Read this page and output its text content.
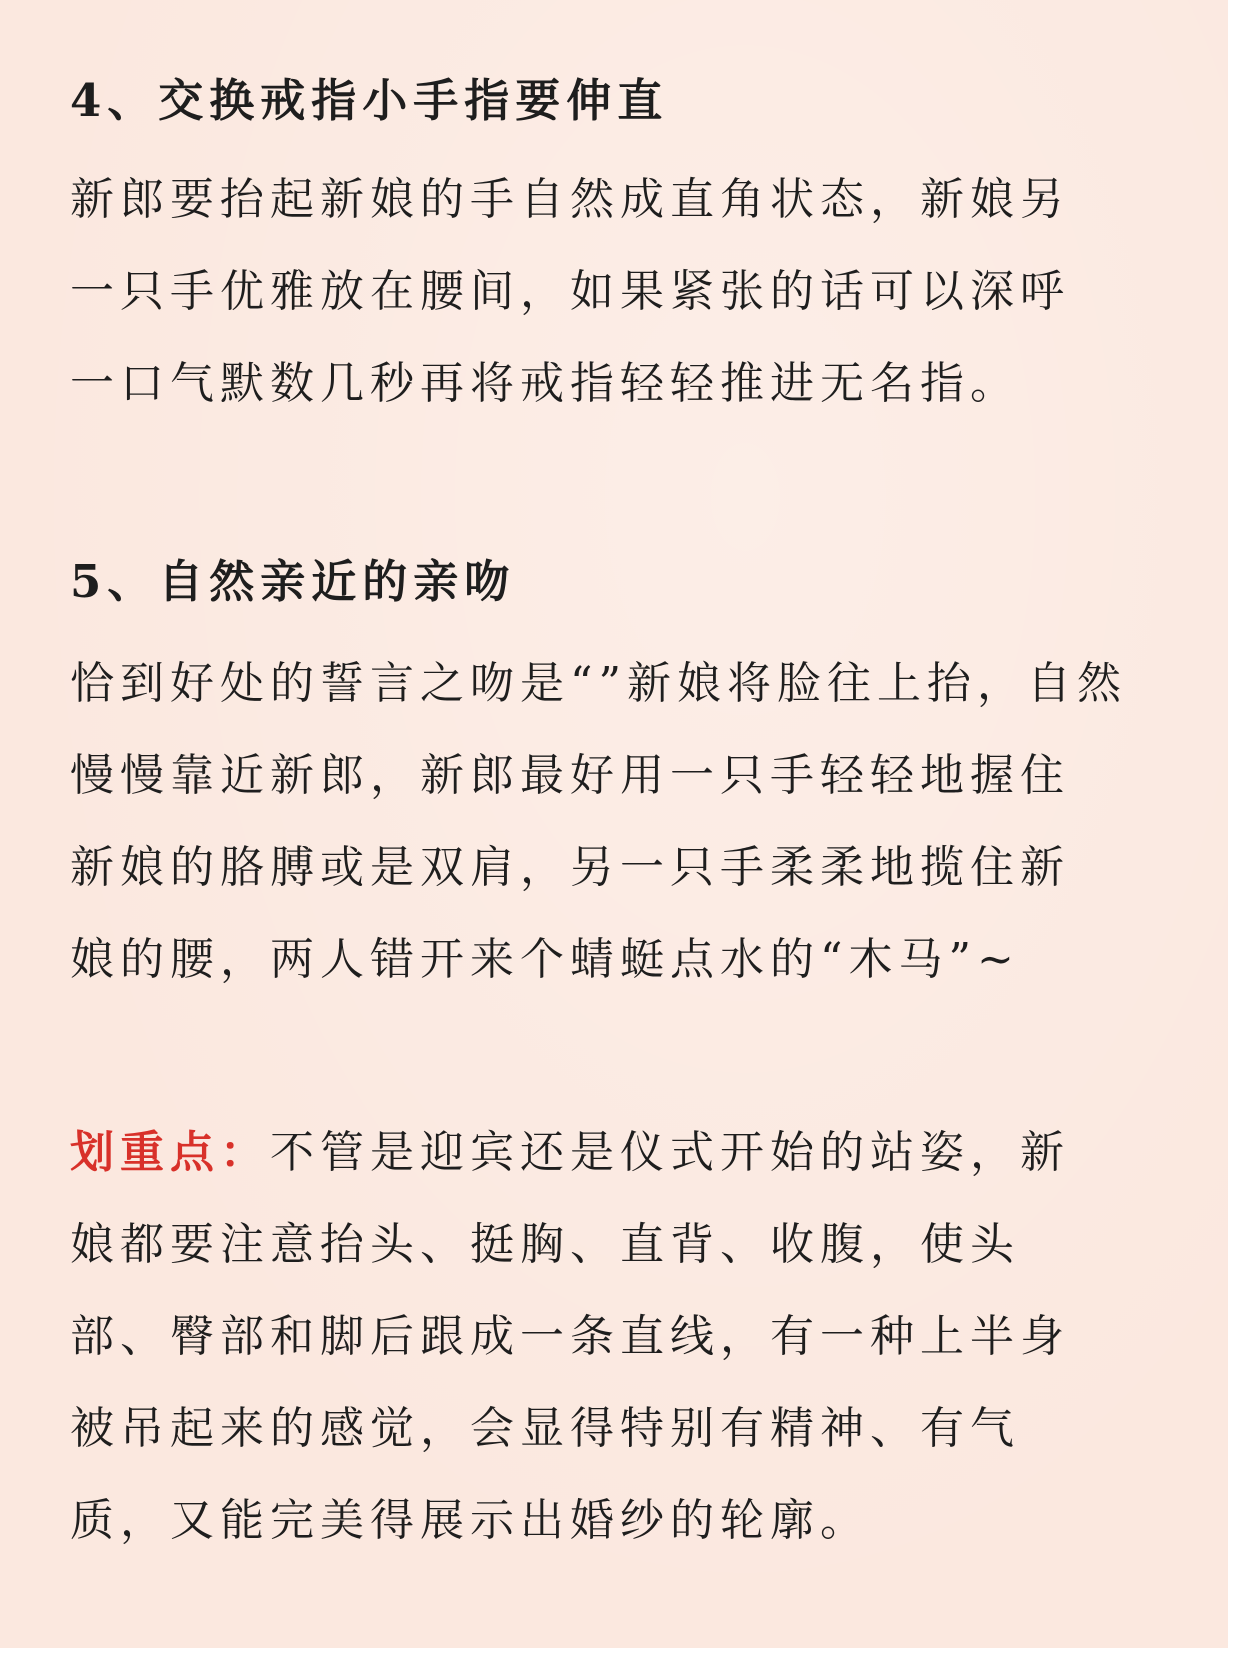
4、交换戒指小手指要伸直
新郎要抬起新娘的手自然成直角状态，新娘另
一只手优雅放在腰间，如果紧张的话可以深呼
一口气默数几秒再将戒指轻轻推进无名指。
5、自然亲近的亲吻
恰到好处的誓言之吻是“”新娘将脸往上抬，自然
慢慢靠近新郎，新郎最好用一只手轻轻地握住
新娘的胳膊或是双肩，另一只手柔柔地揽住新
娘的腰，两人错开来个蜻蜓点水的“木马”~
划重点：不管是迎宾还是仪式开始的站姿，新
娘都要注意抬头、挺胸、直背、收腹，使头
部、臀部和脚后跟成一条直线，有一种上半身
被吊起来的感觉，会显得特别有精神、有气
质，又能完美得展示出婚纱的轮廓。
